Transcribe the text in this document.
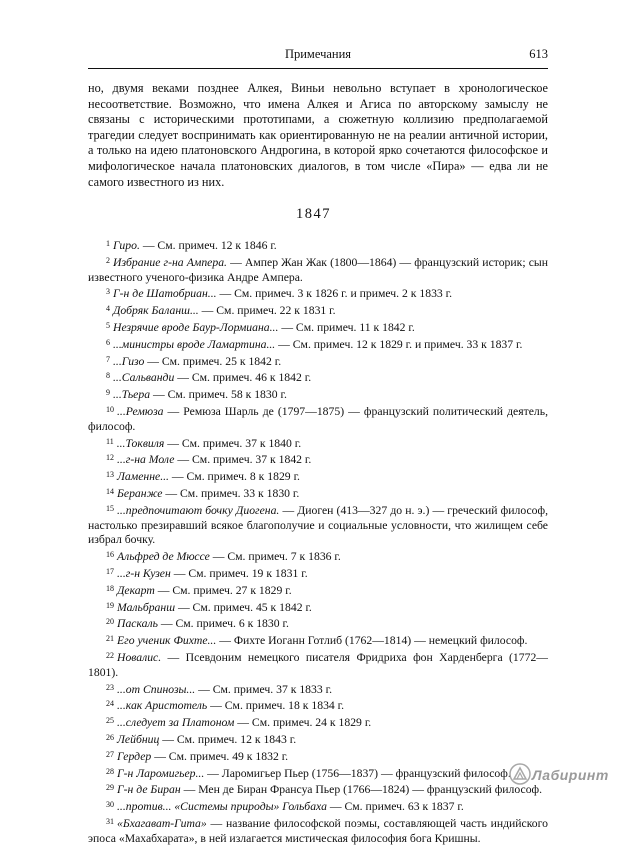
Примечания	613

но, двумя веками позднее Алкея, Виньи невольно вступает в хронологическое несоответствие. Возможно, что имена Алкея и Агиса по авторскому замыслу не связаны с историческими прототипами, а сюжетную коллизию предполагаемой трагедии следует воспринимать как ориентированную не на реалии античной истории, а только на идею платоновского Андрогина, в которой ярко сочетаются философское и мифологическое начала платоновских диалогов, в том числе «Пира» — едва ли не самого известного из них.

1847

$^1$ Гиро. — См. примеч. 12 к 1846 г.

$^2$ Избрание г-на Ампера. — Ампер Жан Жак (1800—1864) — французский историк; сын известного ученого-физика Андре Ампера.

$^3$ Г-н де Шатобриан... — См. примеч. 3 к 1826 г. и примеч. 2 к 1833 г.

$^4$ Добряк Баланш... — См. примеч. 22 к 1831 г.

$^5$ Незрячие вроде Баур-Лормиана... — См. примеч. 11 к 1842 г.

$^6$ ...министры вроде Ламартина... — См. примеч. 12 к 1829 г. и примеч. 33 к 1837 г.

$^7$ ...Гизо — См. примеч. 25 к 1842 г.

$^8$ ...Сальванди — См. примеч. 46 к 1842 г.

$^9$ ...Тьера — См. примеч. 58 к 1830 г.

$^{10}$ ...Ремюза — Ремюза Шарль де (1797—1875) — французский политический деятель, философ.

$^{11}$ ...Токвиля — См. примеч. 37 к 1840 г.

$^{12}$ ...г-на Моле — См. примеч. 37 к 1842 г.

$^{13}$ Ламенне... — См. примеч. 8 к 1829 г.

$^{14}$ Беранже — См. примеч. 33 к 1830 г.

$^{15}$ ...предпочитают бочку Диогена. — Диоген (413—327 до н. э.) — греческий философ, настолько презиравший всякое благополучие и социальные условности, что жилищем себе избрал бочку.

$^{16}$ Альфред де Мюссе — См. примеч. 7 к 1836 г.

$^{17}$ ...г-н Кузен — См. примеч. 19 к 1831 г.

$^{18}$ Декарт — См. примеч. 27 к 1829 г.

$^{19}$ Мальбранш — См. примеч. 45 к 1842 г.

$^{20}$ Паскаль — См. примеч. 6 к 1830 г.

$^{21}$ Его ученик Фихте... — Фихте Иоганн Готлиб (1762—1814) — немецкий философ.

$^{22}$ Новалис. — Псевдоним немецкого писателя Фридриха фон Харденберга (1772—1801).

$^{23}$ ...от Спинозы... — См. примеч. 37 к 1833 г.

$^{24}$ ...как Аристотель — См. примеч. 18 к 1834 г.

$^{25}$ ...следует за Платоном — См. примеч. 24 к 1829 г.

$^{26}$ Лейбниц — См. примеч. 12 к 1843 г.

$^{27}$ Гердер — См. примеч. 49 к 1832 г.

$^{28}$ Г-н Ларомигьер... — Ларомигьер Пьер (1756—1837) — французский философ.

$^{29}$ Г-н де Биран — Мен де Биран Франсуа Пьер (1766—1824) — французский философ.

$^{30}$ ...против... «Системы природы» Гольбаха — См. примеч. 63 к 1837 г.

$^{31}$ «Бхагават-Гита» — название философской поэмы, составляющей часть индийского эпоса «Махабхарата», в ней излагается мистическая философия бога Кришны.

Лабиринт
